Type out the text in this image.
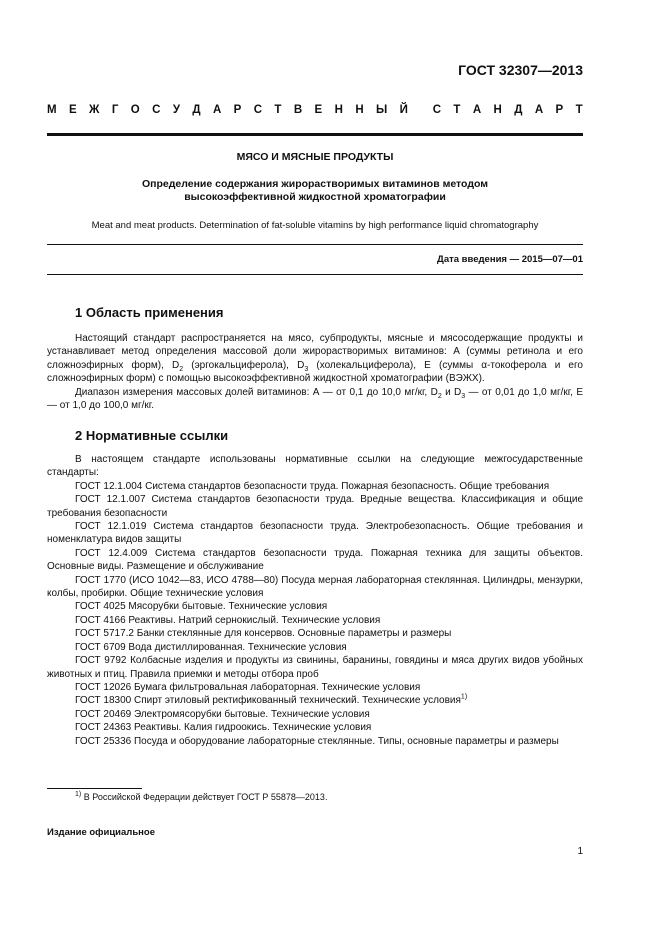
ГОСТ 32307—2013
М Е Ж Г О С У Д А Р С Т В Е Н Н Ы Й С Т А Н Д А Р Т
МЯСО И МЯСНЫЕ ПРОДУКТЫ
Определение содержания жирорастворимых витаминов методом
высокоэффективной жидкостной хроматографии
Meat and meat products. Determination of fat-soluble vitamins by high performance liquid chromatography
Дата введения — 2015—07—01
1 Область применения

Настоящий стандарт распространяется на мясо, субпродукты, мясные и мясосодержащие продукты и устанавливает метод определения массовой доли жирорастворимых витаминов: А (суммы ретинола и его сложноэфирных форм), $D_2$ (эргокальциферола), $D_3$ (холекальциферола), Е (суммы α-токоферола и его сложноэфирных форм) с помощью высокоэффективной жидкостной хроматографии (ВЭЖХ).

Диапазон измерения массовых долей витаминов: А — от 0,1 до 10,0 мг/кг, $D_2$ и $D_3$ — от 0,01 до 1,0 мг/кг, Е — от 1,0 до 100,0 мг/кг.

2 Нормативные ссылки

В настоящем стандарте использованы нормативные ссылки на следующие межгосударственные стандарты:

ГОСТ 12.1.004 Система стандартов безопасности труда. Пожарная безопасность. Общие требования

ГОСТ 12.1.007 Система стандартов безопасности труда. Вредные вещества. Классификация и общие требования безопасности

ГОСТ 12.1.019 Система стандартов безопасности труда. Электробезопасность. Общие требования и номенклатура видов защиты

ГОСТ 12.4.009 Система стандартов безопасности труда. Пожарная техника для защиты объектов. Основные виды. Размещение и обслуживание

ГОСТ 1770 (ИСО 1042—83, ИСО 4788—80) Посуда мерная лабораторная стеклянная. Цилиндры, мензурки, колбы, пробирки. Общие технические условия

ГОСТ 4025 Мясорубки бытовые. Технические условия

ГОСТ 4166 Реактивы. Натрий сернокислый. Технические условия

ГОСТ 5717.2 Банки стеклянные для консервов. Основные параметры и размеры

ГОСТ 6709 Вода дистиллированная. Технические условия

ГОСТ 9792 Колбасные изделия и продукты из свинины, баранины, говядины и мяса других видов убойных животных и птиц. Правила приемки и методы отбора проб

ГОСТ 12026 Бумага фильтровальная лабораторная. Технические условия

ГОСТ 18300 Спирт этиловый ректификованный технический. Технические условия$^{1)}$

ГОСТ 20469 Электромясорубки бытовые. Технические условия

ГОСТ 24363 Реактивы. Калия гидроокись. Технические условия

ГОСТ 25336 Посуда и оборудование лабораторные стеклянные. Типы, основные параметры и размеры

$^{1)}$ В Российской Федерации действует ГОСТ Р 55878—2013.
Издание официальное
1
